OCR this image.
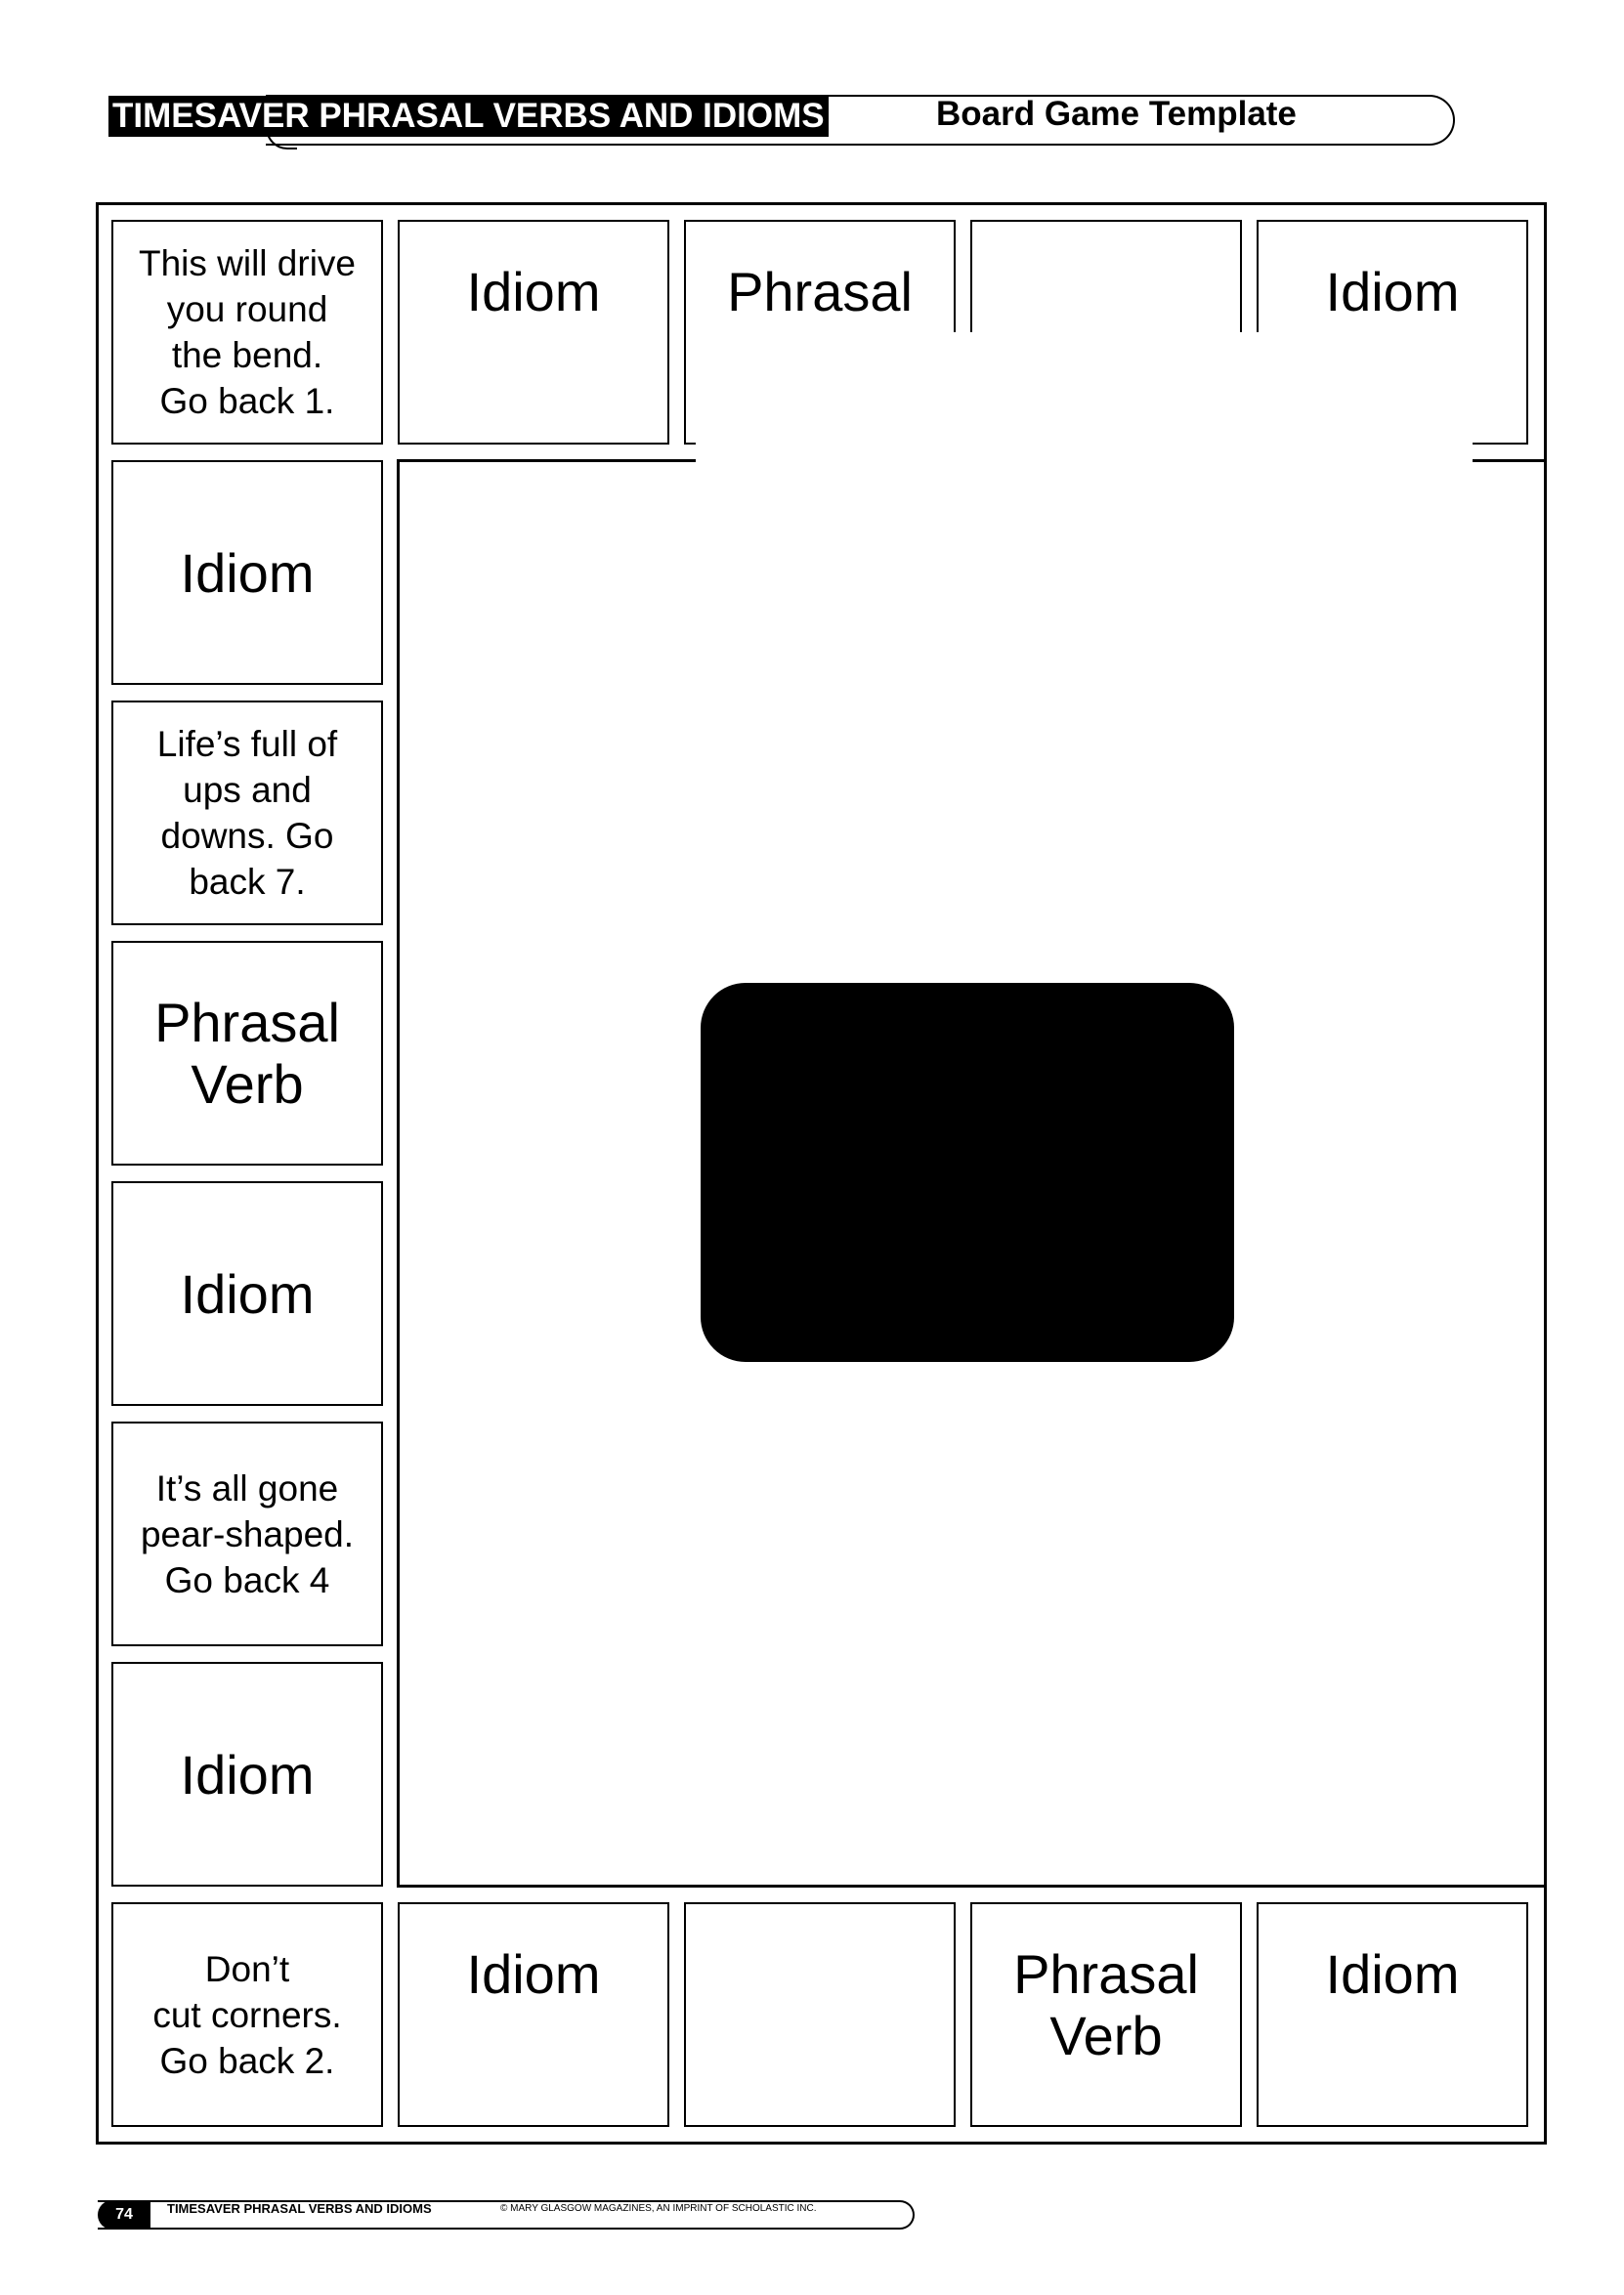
TIMESAVER PHRASAL VERBS AND IDIOMS	Board Game Template
This will drive
you round
the bend.
Go back 1.
Idiom Phrasal	Idiom
Idiom
Life’s full of
ups and
downs. Go
back 7.
Phrasal
Verb
Idiom
It’s all gone
pear-shaped.
Go back 4
Idiom
Don’t
cut corners.
Go back 2.
Idiom	Phrasal
Verb
Idiom
74	TIMESAVER PHRASAL VERBS AND IDIOMS	© MARY GLASGOW MAGAZINES, AN IMPRINT OF SCHOLASTIC INC.
